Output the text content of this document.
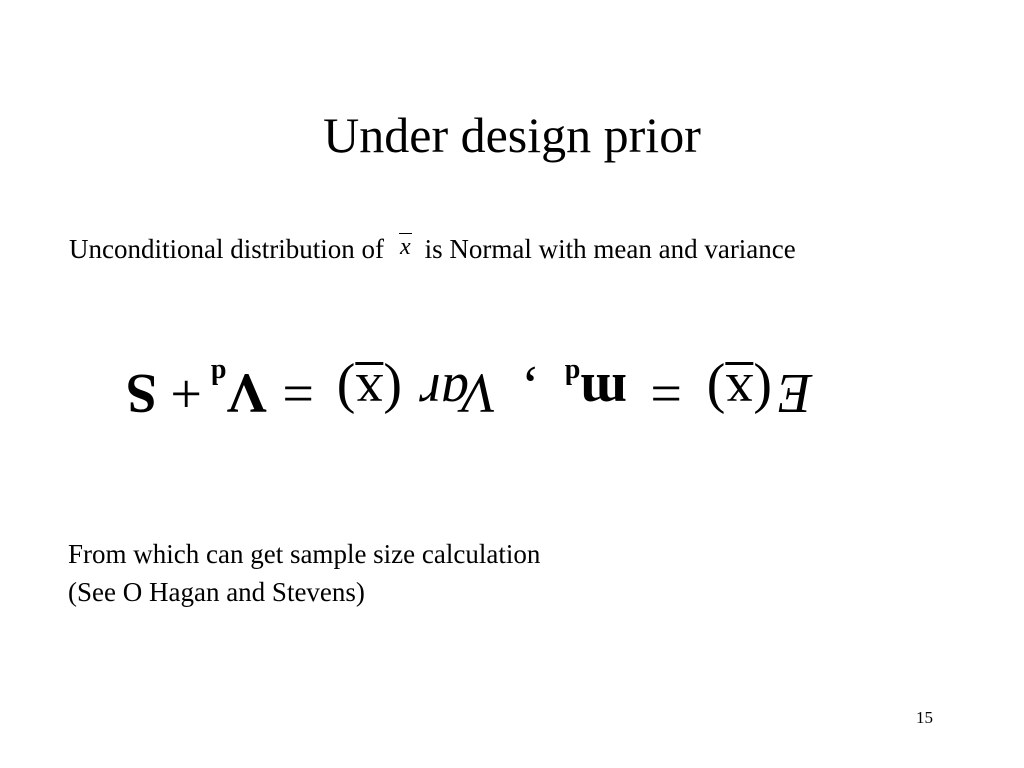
Under design prior
Unconditional distribution of x is Normal with mean and variance
E
(x)
=
$m_d$
,
Var
(x)
=
$V_d$
+
S
From which can get sample size calculation
(See O Hagan and Stevens)
15
